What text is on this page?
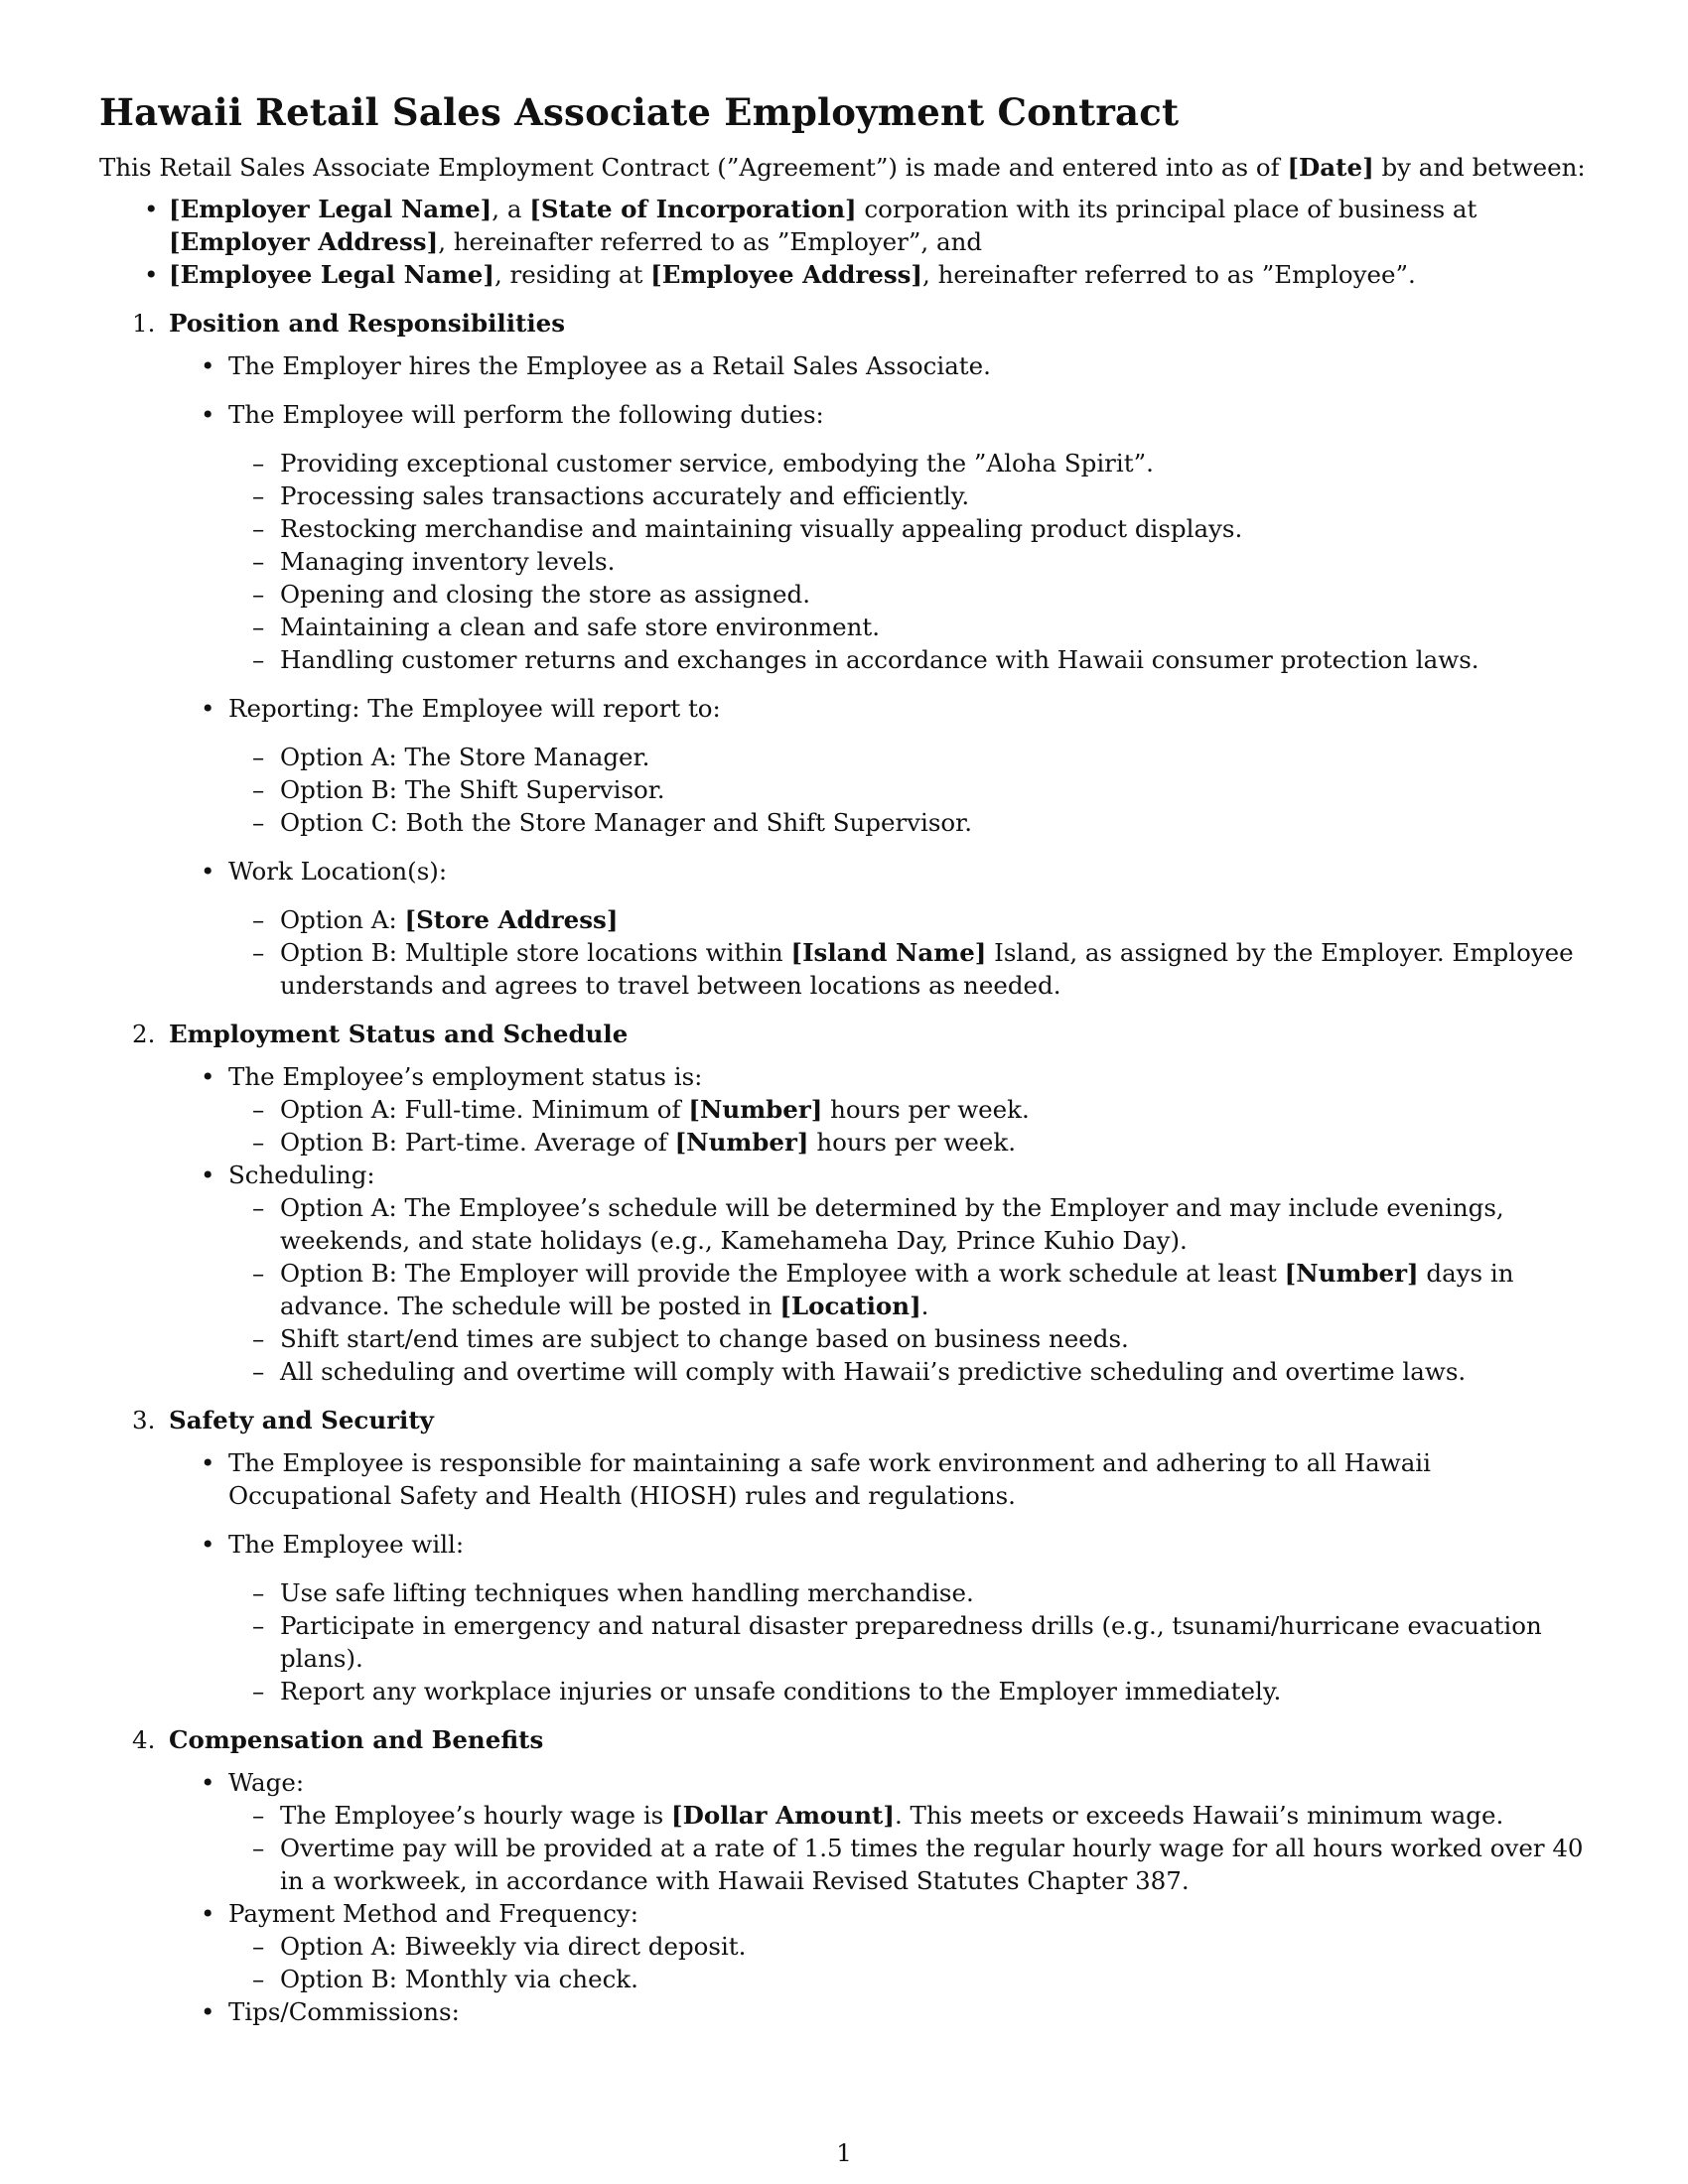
Hawaii Retail Sales Associate Employment Contract

This Retail Sales Associate Employment Contract (”Agreement”) is made and entered into as of [Date] by and between:

• [Employer Legal Name], a [State of Incorporation] corporation with its principal place of business at [Employer Address], hereinafter referred to as ”Employer”, and
• [Employee Legal Name], residing at [Employee Address], hereinafter referred to as ”Employee”.
1. Position and Responsibilities
• The Employer hires the Employee as a Retail Sales Associate.
• The Employee will perform the following duties:
– Providing exceptional customer service, embodying the ”Aloha Spirit”.
– Processing sales transactions accurately and efficiently.
– Restocking merchandise and maintaining visually appealing product displays.
– Managing inventory levels.
– Opening and closing the store as assigned.
– Maintaining a clean and safe store environment.
– Handling customer returns and exchanges in accordance with Hawaii consumer protection laws.
• Reporting: The Employee will report to:
– Option A: The Store Manager.
– Option B: The Shift Supervisor.
– Option C: Both the Store Manager and Shift Supervisor.
• Work Location(s):
– Option A: [Store Address]
– Option B: Multiple store locations within [Island Name] Island, as assigned by the Employer. Employee understands and agrees to travel between locations as needed.
2. Employment Status and Schedule
• The Employee’s employment status is:
– Option A: Full-time. Minimum of [Number] hours per week.
– Option B: Part-time. Average of [Number] hours per week.
• Scheduling:
– Option A: The Employee’s schedule will be determined by the Employer and may include evenings, weekends, and state holidays (e.g., Kamehameha Day, Prince Kuhio Day).
– Option B: The Employer will provide the Employee with a work schedule at least [Number] days in advance. The schedule will be posted in [Location].
– Shift start/end times are subject to change based on business needs.
– All scheduling and overtime will comply with Hawaii’s predictive scheduling and overtime laws.
3. Safety and Security
• The Employee is responsible for maintaining a safe work environment and adhering to all Hawaii Occupational Safety and Health (HIOSH) rules and regulations.
• The Employee will:
– Use safe lifting techniques when handling merchandise.
– Participate in emergency and natural disaster preparedness drills (e.g., tsunami/hurricane evacuation plans).
– Report any workplace injuries or unsafe conditions to the Employer immediately.
4. Compensation and Benefits
• Wage:
– The Employee’s hourly wage is [Dollar Amount]. This meets or exceeds Hawaii’s minimum wage.
– Overtime pay will be provided at a rate of 1.5 times the regular hourly wage for all hours worked over 40 in a workweek, in accordance with Hawaii Revised Statutes Chapter 387.
• Payment Method and Frequency:
– Option A: Biweekly via direct deposit.
– Option B: Monthly via check.
• Tips/Commissions:
1
